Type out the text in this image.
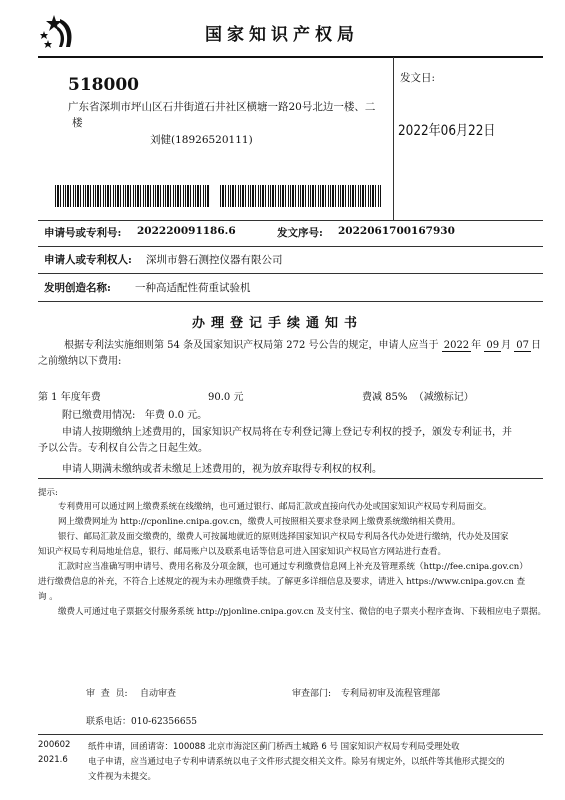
国家知识产权局
518000
广东省深圳市坪山区石井街道石井社区横塘一路20号北边一楼、二
楼
刘健(18926520111)
发文日:
2022年06月22日
申请号或专利号: 202220091186.6	发文序号: 2022061700167930
申请人或专利权人: 深圳市磐石测控仪器有限公司
发明创造名称: 一种高适配性荷重试验机
办理登记手续通知书
根据专利法实施细则第 54 条及国家知识产权局第 272 号公告的规定，申请人应当于 2022 年 09 月 07 日
之前缴纳以下费用:
第 1 年度年费	90.0 元	费减 85%  （减缴标记）
附已缴费用情况:   年费 0.0 元。
申请人按期缴纳上述费用的，国家知识产权局将在专利登记簿上登记专利权的授予，颁发专利证书，并
予以公告。专利权自公告之日起生效。
申请人期满未缴纳或者未缴足上述费用的，视为放弃取得专利权的权利。
提示:
专利费用可以通过网上缴费系统在线缴纳，也可通过银行、邮局汇款或直接向代办处或国家知识产权局专利局面交。
网上缴费网址为 http://cponline.cnipa.gov.cn，缴费人可按照相关要求登录网上缴费系统缴纳相关费用。
银行、邮局汇款及面交缴费的，缴费人可按属地就近的原则选择国家知识产权局专利局各代办处进行缴纳，代办处及国家
知识产权局专利局地址信息，银行、邮局账户以及联系电话等信息可进入国家知识产权局官方网站进行查看。
汇款时应当准确写明申请号、费用名称及分项金额，也可通过专利缴费信息网上补充及管理系统（http://fee.cnipa.gov.cn）
进行缴费信息的补充，不符合上述规定的视为未办理缴费手续。了解更多详细信息及要求，请进入 https://www.cnipa.gov.cn 查
询 。
缴费人可通过电子票据交付服务系统 http://pjonline.cnipa.gov.cn 及支付宝、微信的电子票夹小程序查询、下载相应电子票据。
审  查  员: 自动审查	审查部门: 专利局初审及流程管理部
联系电话：010-62356655
200602
2021.6
纸件申请，回函请寄：100088 北京市海淀区蓟门桥西土城路 6 号 国家知识产权局专利局受理处收
电子申请，应当通过电子专利申请系统以电子文件形式提交相关文件。除另有规定外，以纸件等其他形式提交的
文件视为未提交。
